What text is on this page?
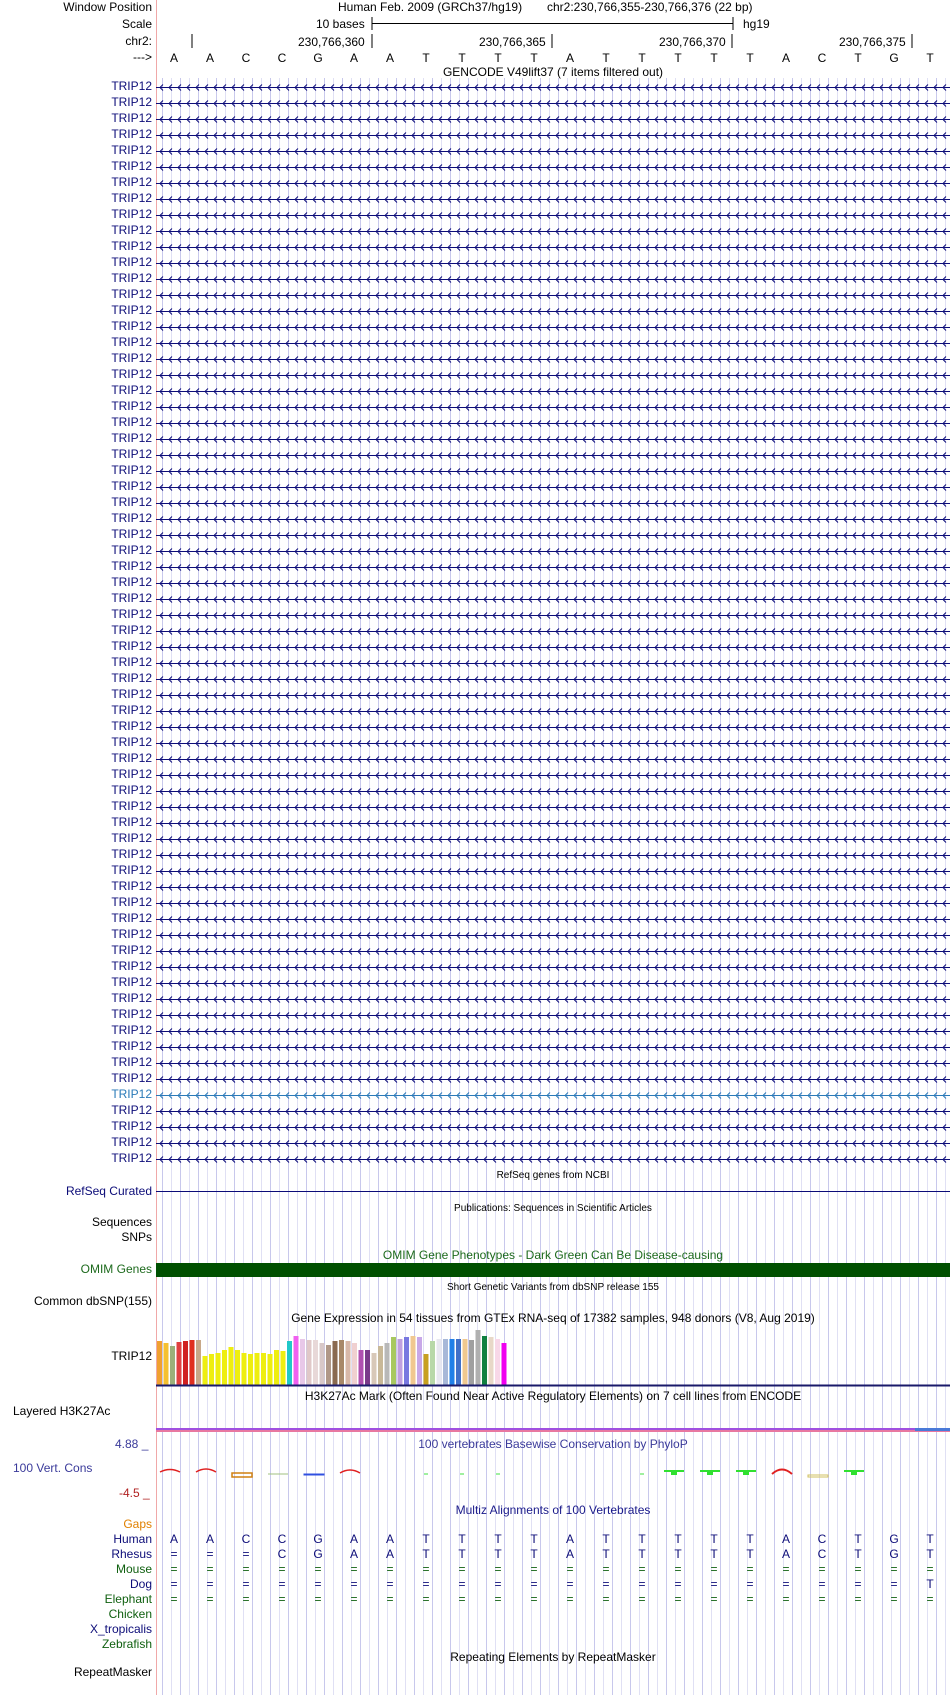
Window Position
Scale
chr2:
--->
Human Feb. 2009 (GRCh37/hg19) chr2:230,766,355-230,766,376 (22 bp)
10 bases	hg19
230,766,360	230,766,365	230,766,370	230,766,375
A	A	C	C	G	A	A	T	T	T	T	A	T	T	T	T	T	A	C	T	G	T
GENCODE V49lift37 (7 items filtered out)
TRIP12
TRIP12
TRIP12
TRIP12
TRIP12
TRIP12
TRIP12
TRIP12
TRIP12
TRIP12
TRIP12
TRIP12
TRIP12
TRIP12
TRIP12
TRIP12
TRIP12
TRIP12
TRIP12
TRIP12
TRIP12
TRIP12
TRIP12
TRIP12
TRIP12
TRIP12
TRIP12
TRIP12
TRIP12
TRIP12
TRIP12
TRIP12
TRIP12
TRIP12
TRIP12
TRIP12
TRIP12
TRIP12
TRIP12
TRIP12
TRIP12
TRIP12
TRIP12
TRIP12
TRIP12
TRIP12
TRIP12
TRIP12
TRIP12
TRIP12
TRIP12
TRIP12
TRIP12
TRIP12
TRIP12
TRIP12
TRIP12
TRIP12
TRIP12
TRIP12
TRIP12
TRIP12
TRIP12
TRIP12
TRIP12
TRIP12
TRIP12
TRIP12
RefSeq genes from NCBI
RefSeq Curated
Publications: Sequences in Scientific Articles
Sequences
SNPs
OMIM Gene Phenotypes - Dark Green Can Be Disease-causing
OMIM Genes
Short Genetic Variants from dbSNP release 155
Common dbSNP(155)
Gene Expression in 54 tissues from GTEx RNA-seq of 17382 samples, 948 donors (V8, Aug 2019)
TRIP12
H3K27Ac Mark (Often Found Near Active Regulatory Elements) on 7 cell lines from ENCODE
Layered H3K27Ac
100 vertebrates Basewise Conservation by PhyloP
4.88 _
100 Vert. Cons
-4.5 _
Multiz Alignments of 100 Vertebrates
Gaps
Human	A	A	C	C	G	A	A	T	T	T	T	A	T	T	T	T	T	A	C	T	G	T
Rhesus	=	=	=	C	G	A	A	T	T	T	T	A	T	T	T	T	T	A	C	T	G	T
Mouse	=	=	=	=	=	=	=	=	=	=	=	=	=	=	=	=	=	=	=	=	=	=
Dog	=	=	=	=	=	=	=	=	=	=	=	=	=	=	=	=	=	=	=	=	=	T
Elephant	=	=	=	=	=	=	=	=	=	=	=	=	=	=	=	=	=	=	=	=	=	=
Chicken
X_tropicalis
Zebrafish
Repeating Elements by RepeatMasker
RepeatMasker
